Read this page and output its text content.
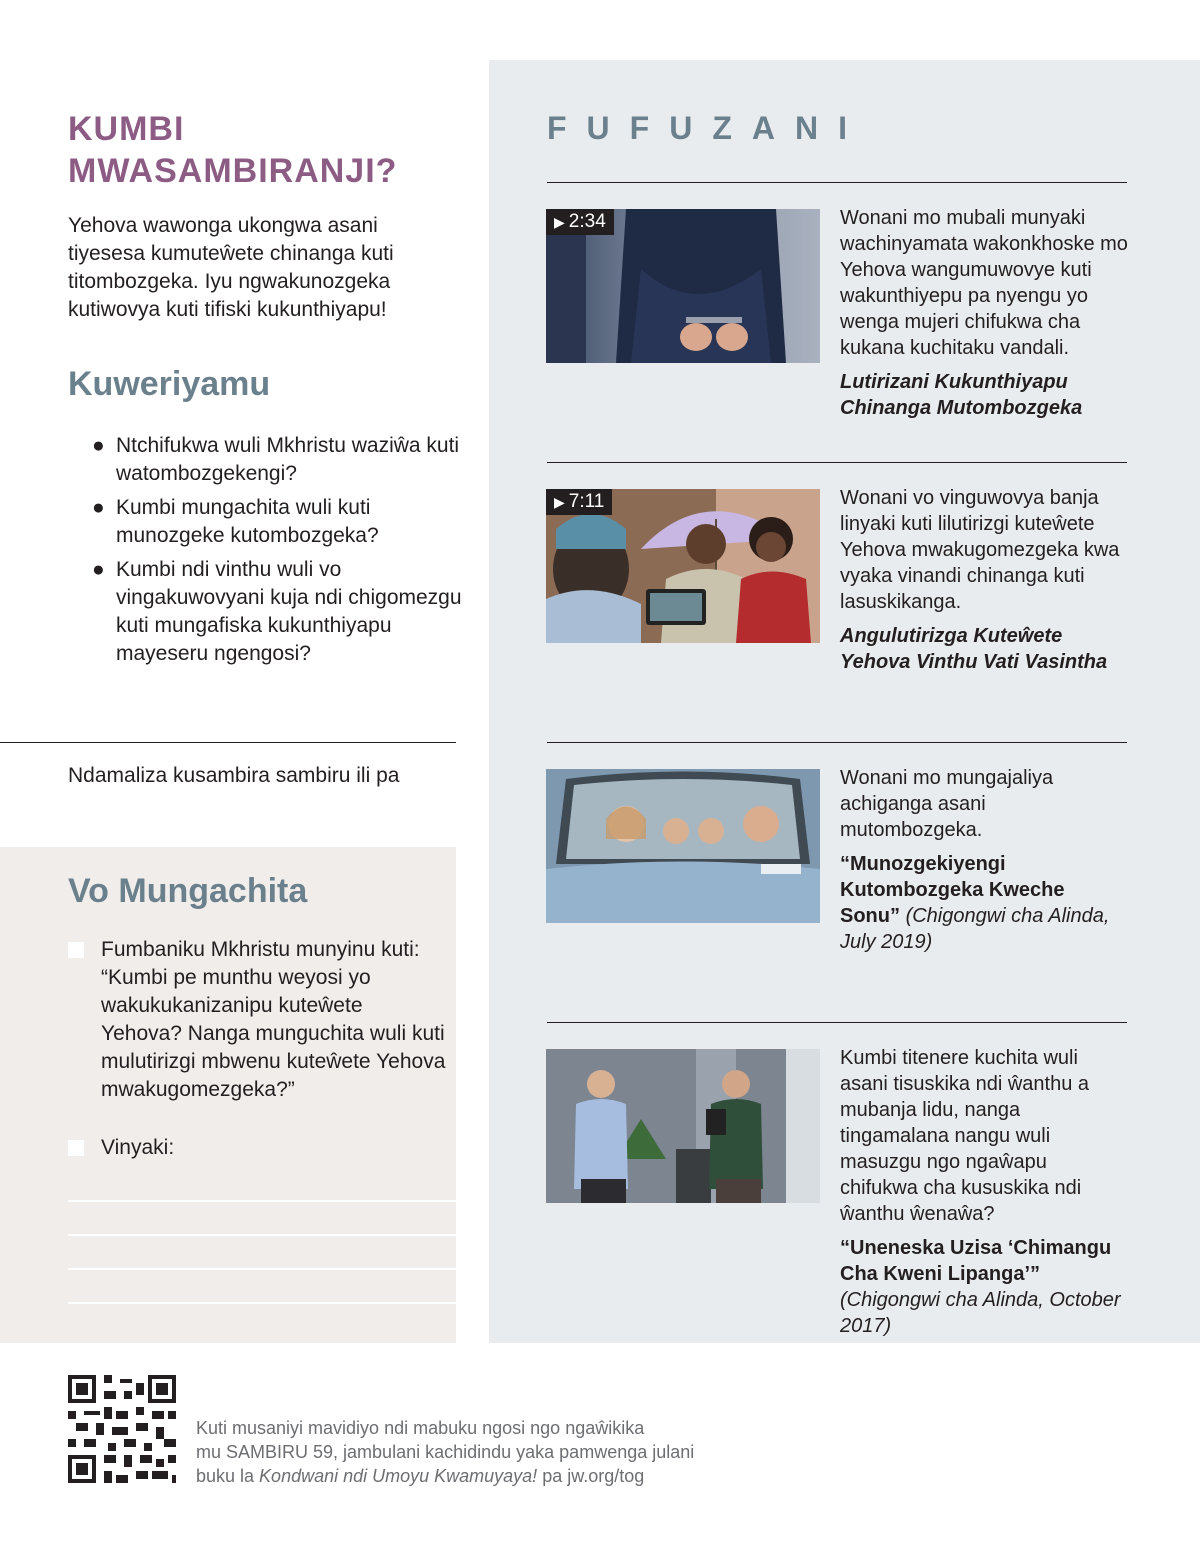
KUMBI MWASAMBIRANJI?

Yehova wawonga ukongwa asani tiyesesa kumuteŵete chinanga kuti titombozgeka. Iyu ngwakunozgeka kutiwovya kuti tifiski kukunthiyapu!

Kuweriyamu
● Ntchifukwa wuli Mkhristu waziŵa kuti watombozgekengi?
● Kumbi mungachita wuli kuti munozgeke kutombozgeka?
● Kumbi ndi vinthu wuli vo vingakuwovyani kuja ndi chigomezgu kuti mungafiska kukunthiyapu mayeseru ngengosi?

Ndamaliza kusambira sambiru ili pa

Vo Mungachita

Fumbaniku Mkhristu munyinu kuti: “Kumbi pe munthu weyosi yo wakukukanizanipu kuteŵete Yehova? Nanga munguchita wuli kuti mulutirizgi mbwenu kuteŵete Yehova mwakugomezgeka?”

Vinyaki:

FUFUZANI
▶ 2:34	Wonani mo mubali munyaki wachinyamata wakonkhoske mo Yehova wangumuwovye kuti wakunthiyepu pa nyengu yo wenga mujeri chifukwa cha kukana kuchitaku vandali.

Lutirizani Kukunthiyapu Chinanga Mutombozgeka

▶ 7:11	Wonani vo vinguwovya banja linyaki kuti lilutirizgi kuteŵete Yehova mwakugomezgeka kwa vyaka vinandi chinanga kuti lasuskikanga.

Angulutirizga Kuteŵete Yehova Vinthu Vati Vasintha

Wonani mo mungajaliya achiganga asani mutombozgeka.

“Munozgekiyengi Kutombozgeka Kweche Sonu” (Chigongwi cha Alinda, July 2019)

Kumbi titenere kuchita wuli asani tisuskika ndi ŵanthu a mubanja lidu, nanga tingamalana nangu wuli masuzgu ngo ngaŵapu chifukwa cha kususkika ndi ŵanthu ŵenaŵa?

“Uneneska Uzisa ‘Chimangu Cha Kweni Lipanga’” (Chigongwi cha Alinda, October 2017)

Kuti musaniyi mavidiyo ndi mabuku ngosi ngo ngaŵikika
mu SAMBIRU 59, jambulani kachidindu yaka pamwenga julani
buku la Kondwani ndi Umoyu Kwamuyaya! pa jw.org/tog
